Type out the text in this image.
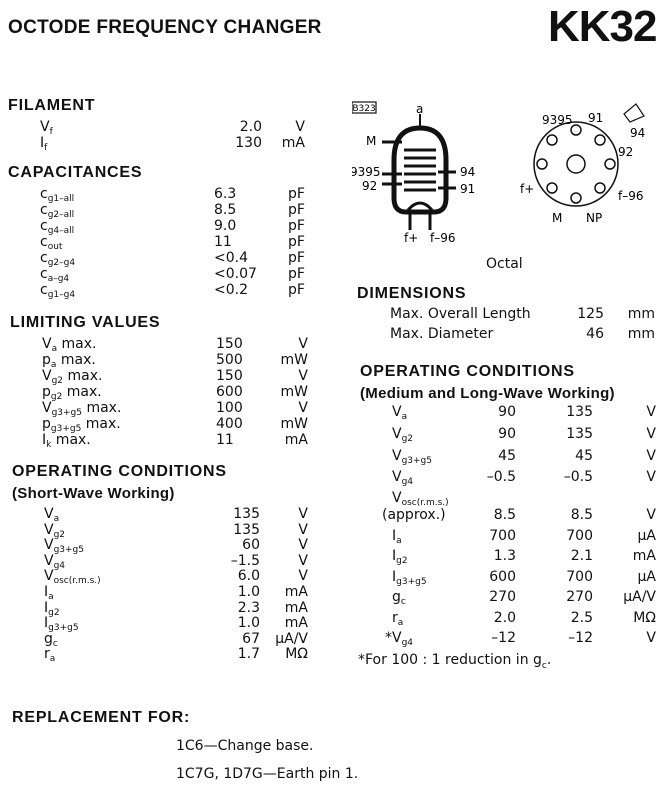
OCTODE FREQUENCY CHANGER	KK32
FILAMENT
$V_f$	2.0 V
$I_f$	130 mA
CAPACITANCES
$c_{g1-all}$	6.3	pF
$c_{g2-all}$	8.5	pF
$c_{g4-all}$	9.0	pF
$c_{out}$	11	pF
$c_{g2-g4}$	<0.4	pF
$c_{a-g4}$	<0.07 pF
$c_{g1-g4}$	<0.2	pF
LIMITING VALUES
$V_a$ max.	150	V
$p_a$ max.	500	mW
$V_{g2}$ max.	150	V
$p_{g2}$ max.	600	mW
$V_{g3+g5}$ max.	100	V
$p_{g3+g5}$ max.	400	mW
$I_k$ max.	11	mA
OPERATING CONDITIONS
(Short-Wave Working)
$V_a$	135	V
$V_{g2}$	135	V
$V_{g3+g5}$	60	V
$V_{g4}$	–1.5	V
$V_{osc(r.m.s.)}$	6.0	V
$I_a$	1.0 mA
$I_{g2}$	2.3 mA
$I_{g3+g5}$	1.0 mA
$g_c$	67 µA/V
$r_a$	1.7 MΩ
B323	a
M
9395
92
94
91
f+ f–96
9395 91
94
92
f+	f–96
M NP
Octal
DIMENSIONS
Max. Overall Length	125 mm
Max. Diameter	46 mm
OPERATING CONDITIONS
(Medium and Long-Wave Working)
$V_a$	90	135	V
$V_{g2}$	90	135	V
$V_{g3+g5}$	45	45	V
$V_{g4}$	–0.5	–0.5	V
$V_{osc(r.m.s.)}$
(approx.)	8.5	8.5	V
$I_a$	700	700	µA
$I_{g2}$	1.3	2.1	mA
$I_{g3+g5}$	600	700	µA
$g_c$	270	270 µA/V
$r_a$	2.0	2.5	MΩ
$*V_{g4}$	–12	–12	V
*For 100 : 1 reduction in $g_c$.
REPLACEMENT FOR:
1C6—Change base.
1C7G, 1D7G—Earth pin 1.
